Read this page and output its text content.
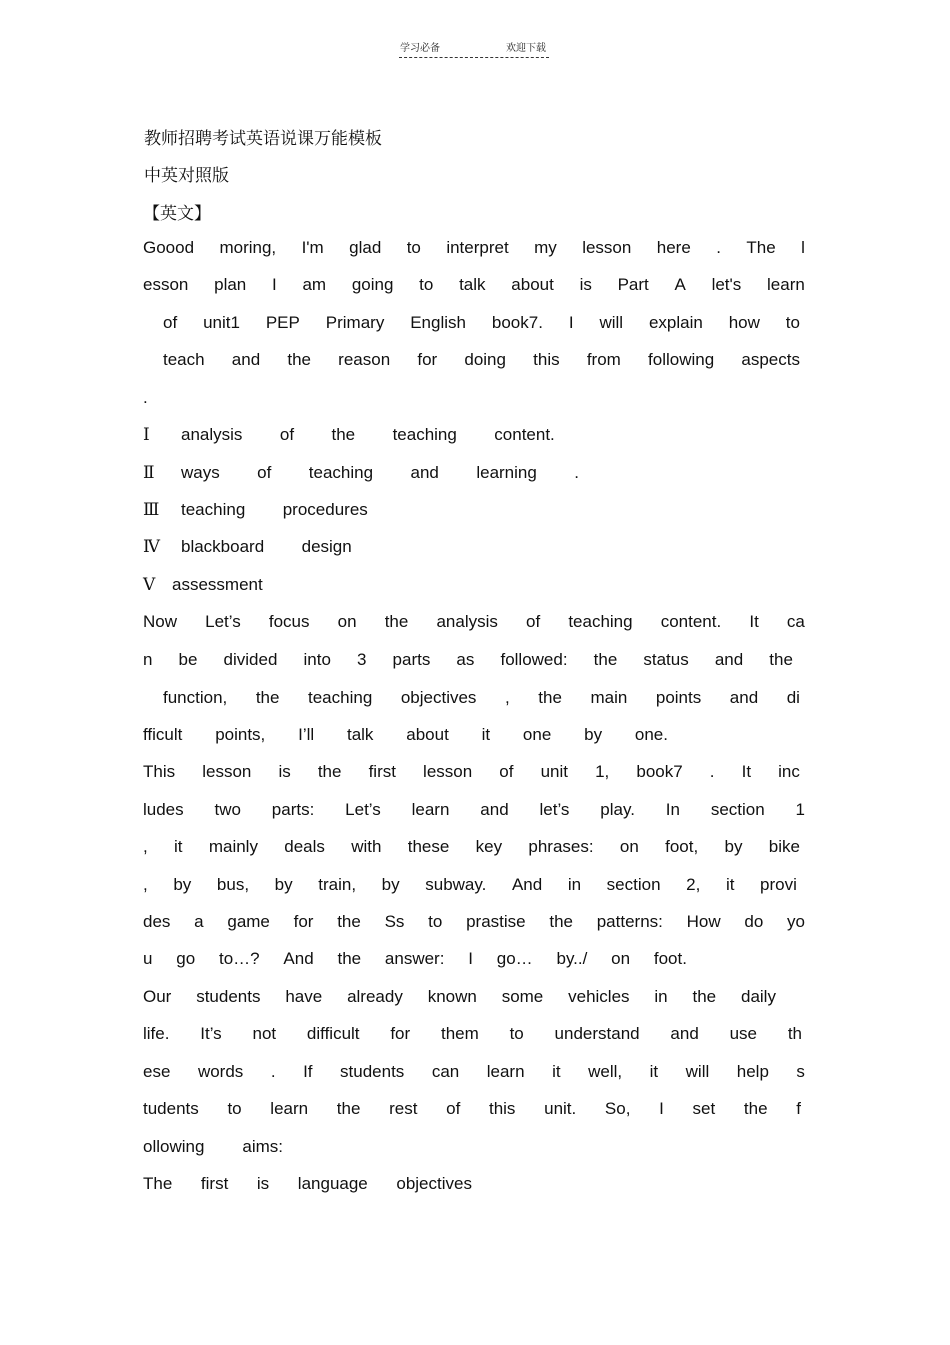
学习必备	欢迎下载
教师招聘考试英语说课万能模板
中英对照版
【英文】
Goood moring, I'm glad to interpret my lesson here . The l
esson plan I am going to talk about is Part A let's learn
of unit1 PEP Primary English book7. I will explain how to
teach and the reason for doing this from following aspects
.
Ⅰ	analysis  of  the  teaching  content.
Ⅱ	ways  of  teaching  and  learning  .
Ⅲ	teaching  procedures
Ⅳ	blackboard  design
V assessment
Now Let’s focus on the analysis of teaching content. It ca
n be divided into 3 parts as followed: the status and the
function, the teaching objectives , the main points and di
fficult points, I’ll talk about it one by one.
This lesson is the first lesson of unit 1, book7 . It inc
ludes two parts: Let’s learn and let’s play. In section 1
, it mainly deals with these key phrases: on foot, by bike
, by bus, by train, by subway. And in section 2, it provi
des a game for the Ss to prastise the patterns: How do yo
u go to…? And the answer: I go… by../ on foot.
Our students have already known some vehicles in the daily
life. It’s not difficult for them to understand and use th
ese words . If students can learn it well, it will help s
tudents to learn the rest of this unit. So, I set the f
ollowing aims:
The first is language objectives
